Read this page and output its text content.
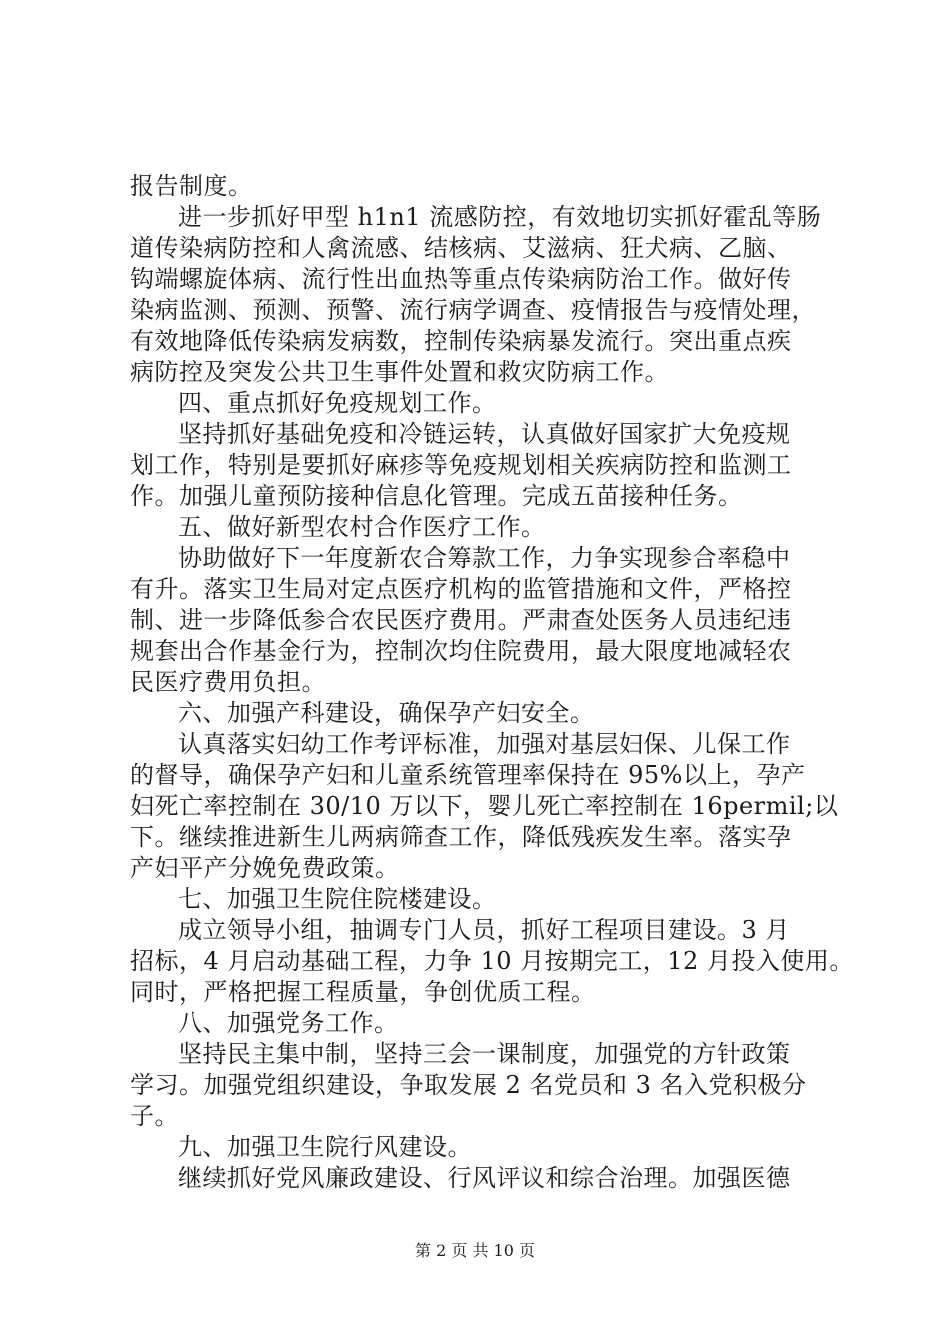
报告制度。
进一步抓好甲型 h1n1 流感防控，有效地切实抓好霍乱等肠
道传染病防控和人禽流感、结核病、艾滋病、狂犬病、乙脑、
钩端螺旋体病、流行性出血热等重点传染病防治工作。做好传
染病监测、预测、预警、流行病学调查、疫情报告与疫情处理，
有效地降低传染病发病数，控制传染病暴发流行。突出重点疾
病防控及突发公共卫生事件处置和救灾防病工作。
四、重点抓好免疫规划工作。
坚持抓好基础免疫和冷链运转，认真做好国家扩大免疫规
划工作，特别是要抓好麻疹等免疫规划相关疾病防控和监测工
作。加强儿童预防接种信息化管理。完成五苗接种任务。
五、做好新型农村合作医疗工作。
协助做好下一年度新农合筹款工作，力争实现参合率稳中
有升。落实卫生局对定点医疗机构的监管措施和文件，严格控
制、进一步降低参合农民医疗费用。严肃查处医务人员违纪违
规套出合作基金行为，控制次均住院费用，最大限度地减轻农
民医疗费用负担。
六、加强产科建设，确保孕产妇安全。
认真落实妇幼工作考评标准，加强对基层妇保、儿保工作
的督导，确保孕产妇和儿童系统管理率保持在 95%以上，孕产
妇死亡率控制在 30/10 万以下，婴儿死亡率控制在 16permil;以
下。继续推进新生儿两病筛查工作，降低残疾发生率。落实孕
产妇平产分娩免费政策。
七、加强卫生院住院楼建设。
成立领导小组，抽调专门人员，抓好工程项目建设。3 月
招标，4 月启动基础工程，力争 10 月按期完工，12 月投入使用。
同时，严格把握工程质量，争创优质工程。
八、加强党务工作。
坚持民主集中制，坚持三会一课制度，加强党的方针政策
学习。加强党组织建设，争取发展 2 名党员和 3 名入党积极分
子。
九、加强卫生院行风建设。
继续抓好党风廉政建设、行风评议和综合治理。加强医德
第 2 页 共 10 页
